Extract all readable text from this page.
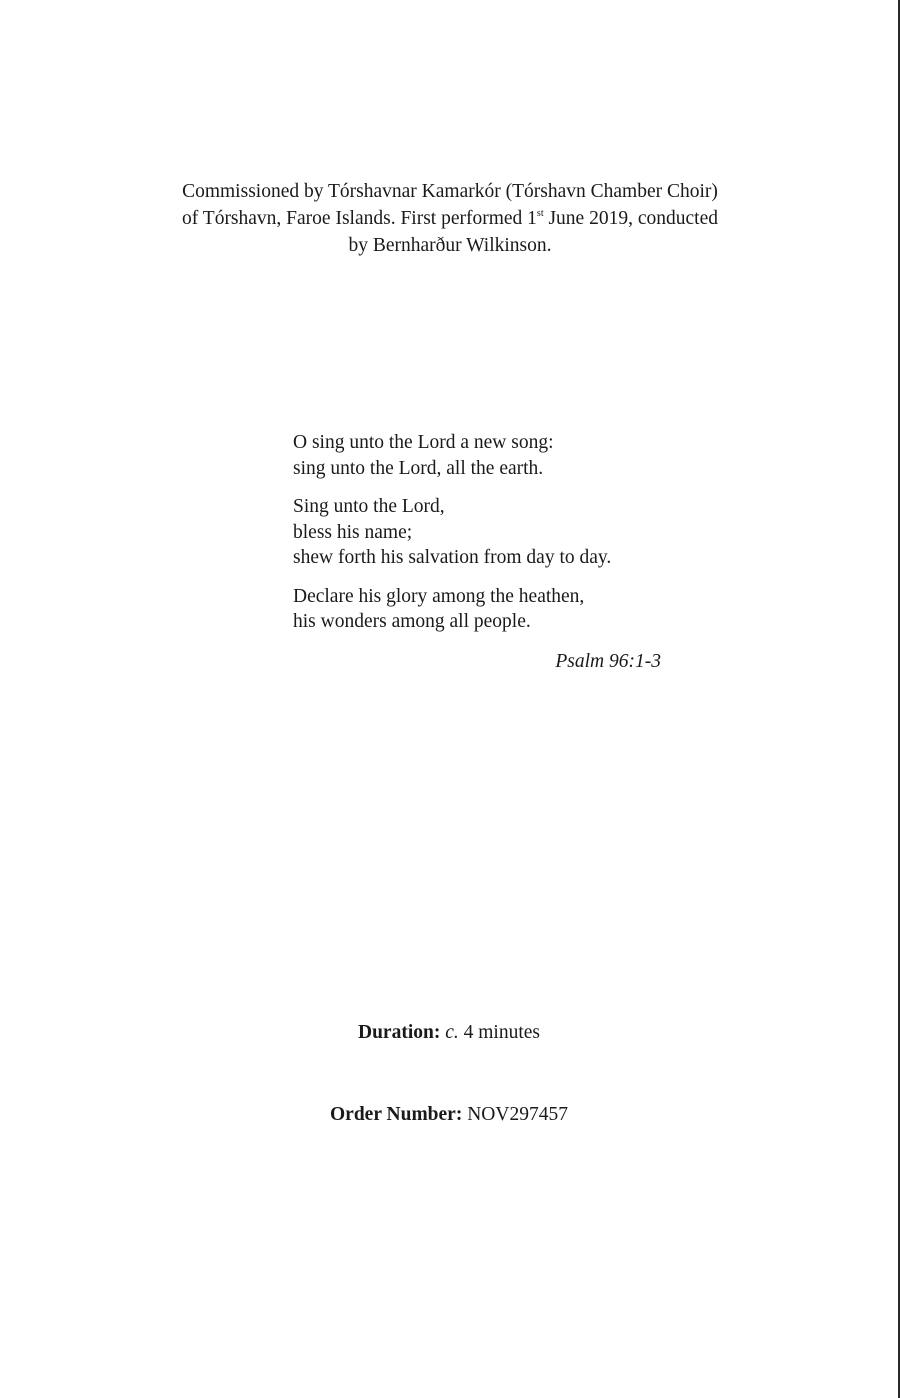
Commissioned by Tórshavnar Kamarkór (Tórshavn Chamber Choir)
of Tórshavn, Faroe Islands. First performed 1st June 2019, conducted
by Bernharður Wilkinson.
O sing unto the Lord a new song:
sing unto the Lord, all the earth.
Sing unto the Lord,
bless his name;
shew forth his salvation from day to day.
Declare his glory among the heathen,
his wonders among all people.
Psalm 96:1-3
Duration: c. 4 minutes
Order Number: NOV297457
